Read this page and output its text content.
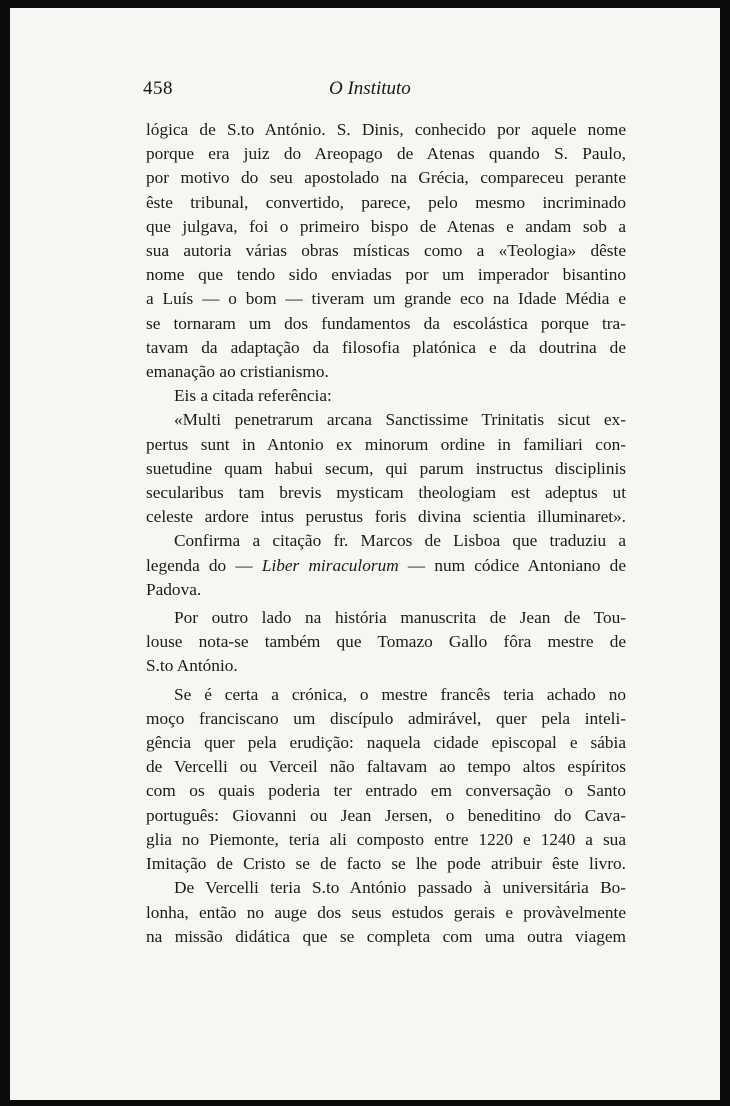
458	O Instituto
lógica de S.to António. S. Dinis, conhecido por aquele nome
porque era juiz do Areopago de Atenas quando S. Paulo,
por motivo do seu apostolado na Grécia, compareceu perante
êste tribunal, convertido, parece, pelo mesmo incriminado
que julgava, foi o primeiro bispo de Atenas e andam sob a
sua autoria várias obras místicas como a «Teologia» dêste
nome que tendo sido enviadas por um imperador bisantino
a Luís — o bom — tiveram um grande eco na Idade Média e
se tornaram um dos fundamentos da escolástica porque tra-
tavam da adaptação da filosofia platónica e da doutrina de
emanação ao cristianismo.
Eis a citada referência:
«Multi penetrarum arcana Sanctissime Trinitatis sicut ex-
pertus sunt in Antonio ex minorum ordine in familiari con-
suetudine quam habui secum, qui parum instructus disciplinis
secularibus tam brevis mysticam theologiam est adeptus ut
celeste ardore intus perustus foris divina scientia illuminaret».
Confirma a citação fr. Marcos de Lisboa que traduziu a
legenda do — Liber miraculorum — num códice Antoniano de
Padova.
Por outro lado na história manuscrita de Jean de Tou-
louse nota-se também que Tomazo Gallo fôra mestre de
S.to António.
Se é certa a crónica, o mestre francês teria achado no
moço franciscano um discípulo admirável, quer pela inteli-
gência quer pela erudição: naquela cidade episcopal e sábia
de Vercelli ou Verceil não faltavam ao tempo altos espíritos
com os quais poderia ter entrado em conversação o Santo
português: Giovanni ou Jean Jersen, o beneditino do Cava-
glia no Piemonte, teria ali composto entre 1220 e 1240 a sua
Imitação de Cristo se de facto se lhe pode atribuir êste livro.
De Vercelli teria S.to António passado à universitária Bo-
lonha, então no auge dos seus estudos gerais e provàvelmente
na missão didática que se completa com uma outra viagem
